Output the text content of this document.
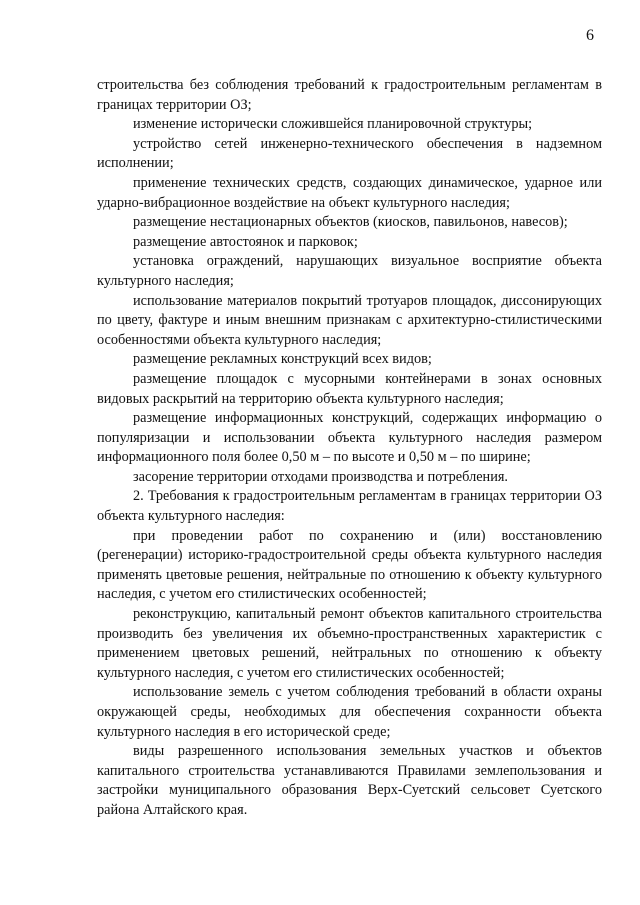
6

строительства без соблюдения требований к градостроительным регламентам в границах территории ОЗ;

изменение исторически сложившейся планировочной структуры;

устройство сетей инженерно-технического обеспечения в надземном исполнении;

применение технических средств, создающих динамическое, ударное или ударно-вибрационное воздействие на объект культурного наследия;

размещение нестационарных объектов (киосков, павильонов, навесов);

размещение автостоянок и парковок;

установка ограждений, нарушающих визуальное восприятие объекта культурного наследия;

использование материалов покрытий тротуаров площадок, диссонирующих по цвету, фактуре и иным внешним признакам с архитектурно-стилистическими особенностями объекта культурного наследия;

размещение рекламных конструкций всех видов;

размещение площадок с мусорными контейнерами в зонах основных видовых раскрытий на территорию объекта культурного наследия;

размещение информационных конструкций, содержащих информацию о популяризации и использовании объекта культурного наследия размером информационного поля более 0,50 м – по высоте и 0,50 м – по ширине;

засорение территории отходами производства и потребления.

2. Требования к градостроительным регламентам в границах территории ОЗ объекта культурного наследия:

при проведении работ по сохранению и (или) восстановлению (регенерации) историко-градостроительной среды объекта культурного наследия применять цветовые решения, нейтральные по отношению к объекту культурного наследия, с учетом его стилистических особенностей;

реконструкцию, капитальный ремонт объектов капитального строительства производить без увеличения их объемно-пространственных характеристик с применением цветовых решений, нейтральных по отношению к объекту культурного наследия, с учетом его стилистических особенностей;

использование земель с учетом соблюдения требований в области охраны окружающей среды, необходимых для обеспечения сохранности объекта культурного наследия в его исторической среде;

виды разрешенного использования земельных участков и объектов капитального строительства устанавливаются Правилами землепользования и застройки муниципального образования Верх-Суетский сельсовет Суетского района Алтайского края.
